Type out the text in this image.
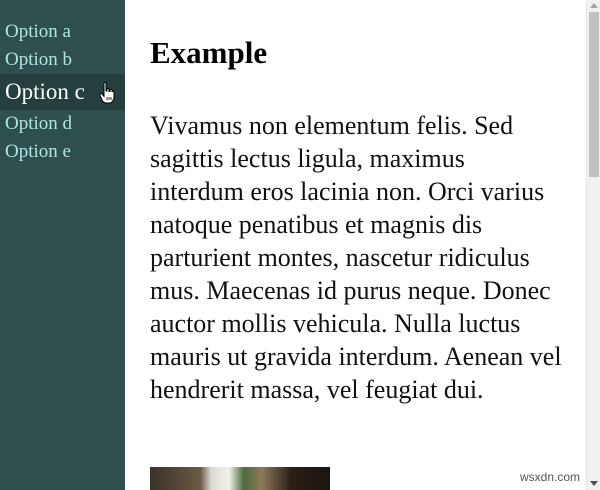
Option a
Option b
Option c
Option d
Option e
Example

Vivamus non elementum felis. Sed sagittis lectus ligula, maximus interdum eros lacinia non. Orci varius natoque penatibus et magnis dis parturient montes, nascetur ridiculus mus. Maecenas id purus neque. Donec auctor mollis vehicula. Nulla luctus mauris ut gravida interdum. Aenean vel hendrerit massa, vel feugiat dui.

wsxdn.com
